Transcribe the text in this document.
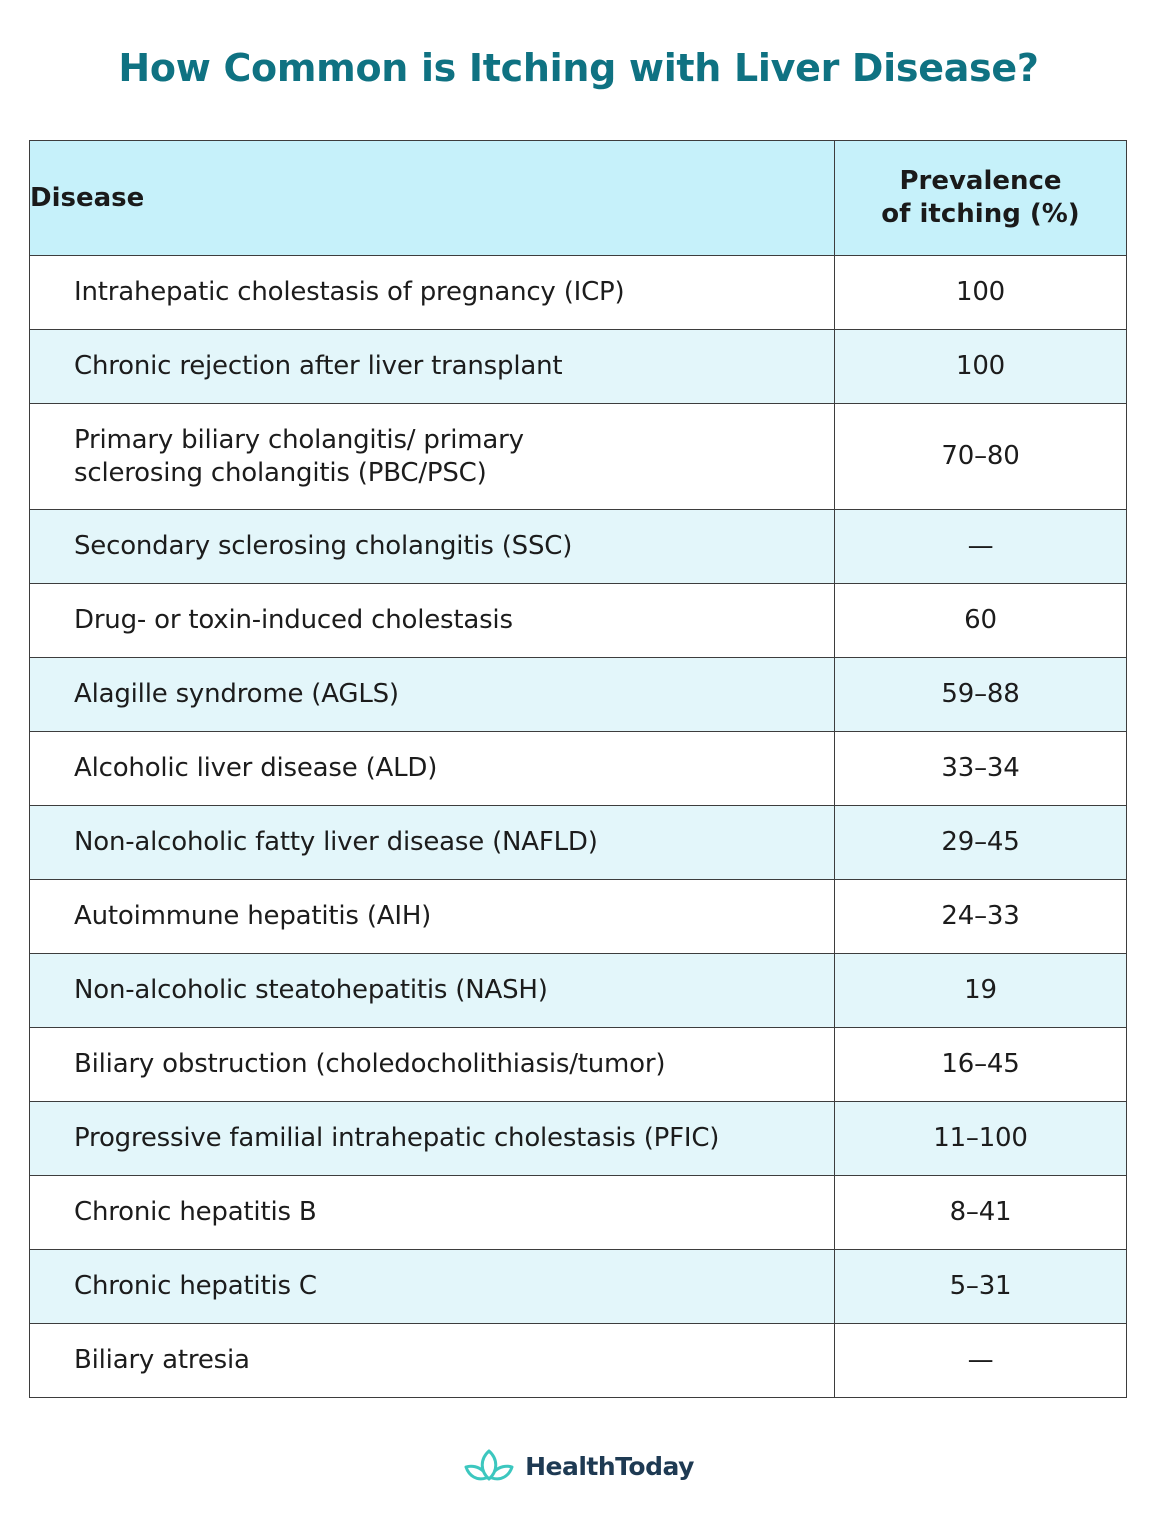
How Common is Itching with Liver Disease?
Disease	Prevalence
of itching (%)
Intrahepatic cholestasis of pregnancy (ICP)	100
Chronic rejection after liver transplant	100
Primary biliary cholangitis/ primary
sclerosing cholangitis (PBC/PSC)	70–80
Secondary sclerosing cholangitis (SSC)	—
Drug- or toxin-induced cholestasis	60
Alagille syndrome (AGLS)	59–88
Alcoholic liver disease (ALD)	33–34
Non-alcoholic fatty liver disease (NAFLD)	29–45
Autoimmune hepatitis (AIH)	24–33
Non-alcoholic steatohepatitis (NASH)	19
Biliary obstruction (choledocholithiasis/tumor)	16–45
Progressive familial intrahepatic cholestasis (PFIC)	11–100
Chronic hepatitis B	8–41
Chronic hepatitis C	5–31
Biliary atresia	—
HealthToday
